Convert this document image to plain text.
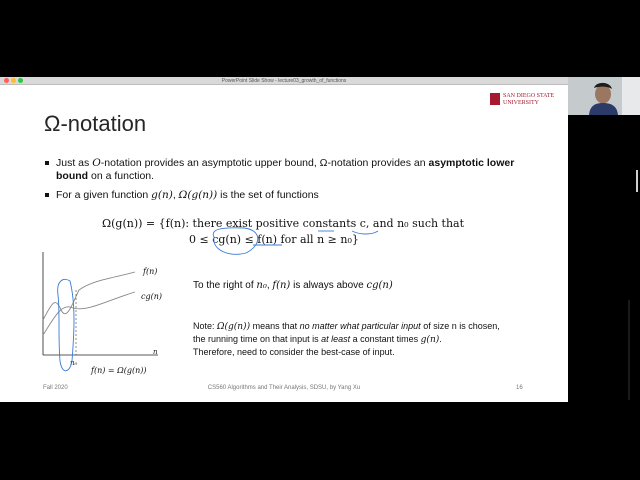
PowerPoint Slide Show - lecture03_growth_of_functions
Ω-notation
SAN DIEGO STATE
UNIVERSITY
Just as O-notation provides an asymptotic upper bound, Ω-notation provides an asymptotic lower bound on a function.
For a given function g(n), Ω(g(n)) is the set of functions
Ω(g(n)) = {f(n): there exist positive constants c, and n₀ such that
0 ≤ cg(n) ≤ f(n) for all n ≥ n₀}
f(n)
cg(n)
n
n₀
f(n) = Ω(g(n))
To the right of n₀, f(n) is always above cg(n)
Note: Ω(g(n)) means that no matter what particular input of size n is chosen,
the running time on that input is at least a constant times g(n).
Therefore, need to consider the best-case of input.
Fall 2020	CS560 Algorithms and Their Analysis, SDSU, by Yang Xu	16
